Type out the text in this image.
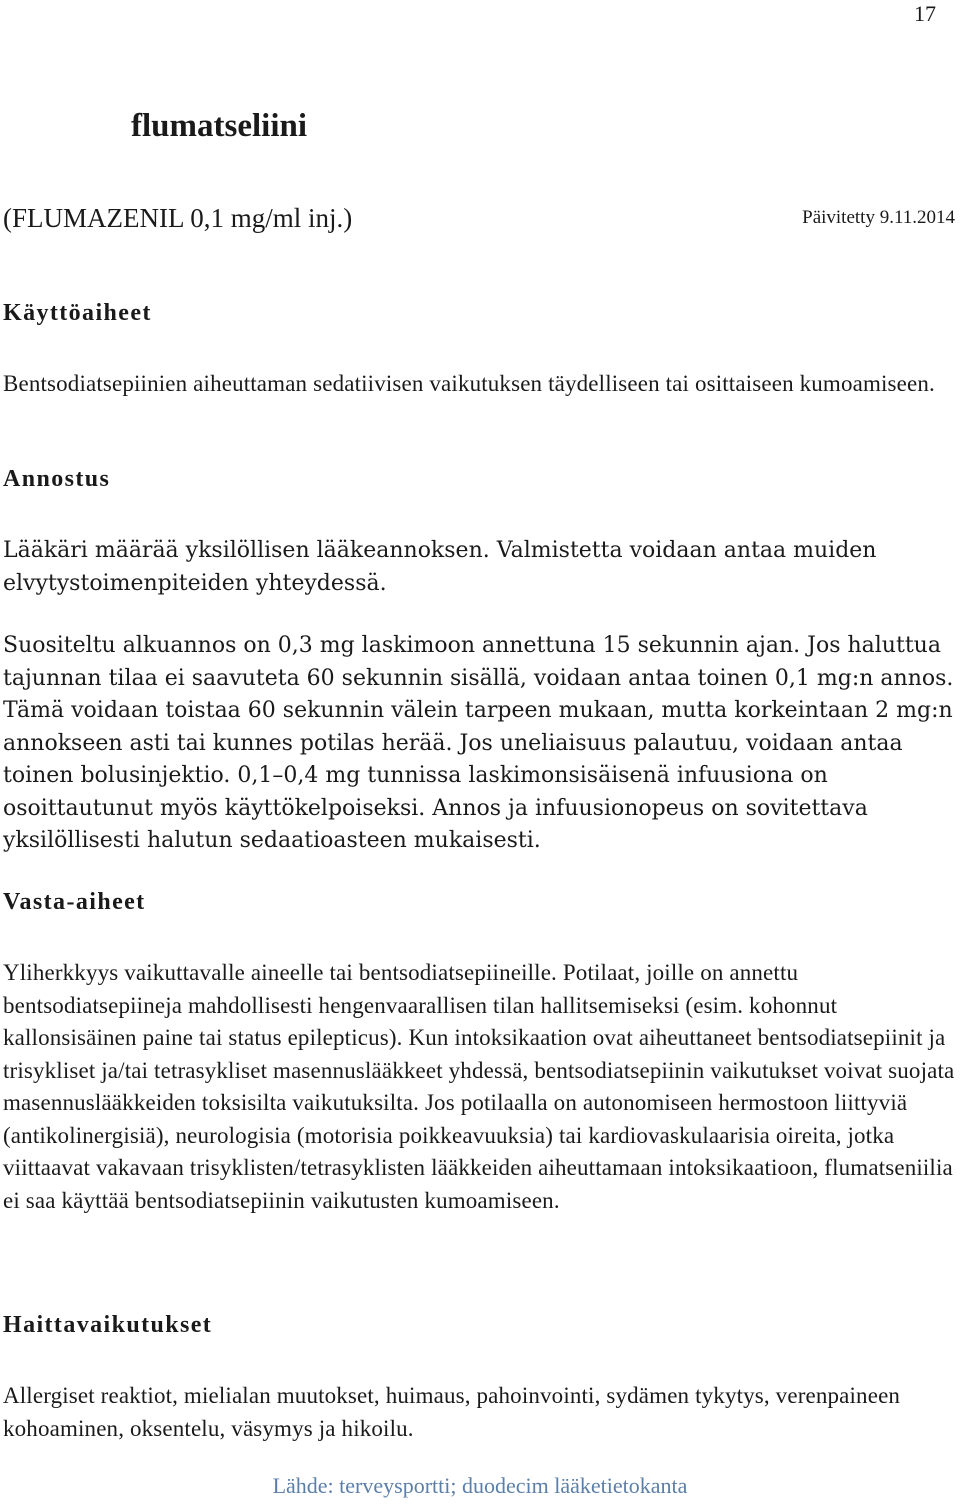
17
flumatseliini
(FLUMAZENIL 0,1 mg/ml inj.)	Päivitetty 9.11.2014
Käyttöaiheet

Bentsodiatsepiinien aiheuttaman sedatiivisen vaikutuksen täydelliseen tai osittaiseen kumoamiseen.

Annostus

Lääkäri määrää yksilöllisen lääkeannoksen. Valmistetta voidaan antaa muiden elvytystoimenpiteiden yhteydessä.

Suositeltu alkuannos on 0,3 mg laskimoon annettuna 15 sekunnin ajan. Jos haluttua tajunnan tilaa ei saavuteta 60 sekunnin sisällä, voidaan antaa toinen 0,1 mg:n annos. Tämä voidaan toistaa 60 sekunnin välein tarpeen mukaan, mutta korkeintaan 2 mg:n annokseen asti tai kunnes potilas herää. Jos uneliaisuus palautuu, voidaan antaa toinen bolusinjektio. 0,1–0,4 mg tunnissa laskimonsisäisenä infuusiona on osoittautunut myös käyttökelpoiseksi. Annos ja infuusionopeus on sovitettava yksilöllisesti halutun sedaatioasteen mukaisesti.

Vasta-aiheet

Yliherkkyys vaikuttavalle aineelle tai bentsodiatsepiineille. Potilaat, joille on annettu bentsodiatsepiineja mahdollisesti hengenvaarallisen tilan hallitsemiseksi (esim. kohonnut kallonsisäinen paine tai status epilepticus). Kun intoksikaation ovat aiheuttaneet bentsodiatsepiinit ja trisykliset ja/tai tetrasykliset masennuslääkkeet yhdessä, bentsodiatsepiinin vaikutukset voivat suojata masennuslääkkeiden toksisilta vaikutuksilta. Jos potilaalla on autonomiseen hermostoon liittyviä (antikolinergisiä), neurologisia (motorisia poikkeavuuksia) tai kardiovaskulaarisia oireita, jotka viittaavat vakavaan trisyklisten/tetrasyklisten lääkkeiden aiheuttamaan intoksikaatioon, flumatseniilia ei saa käyttää bentsodiatsepiinin vaikutusten kumoamiseen.

Haittavaikutukset

Allergiset reaktiot, mielialan muutokset, huimaus, pahoinvointi, sydämen tykytys, verenpaineen kohoaminen, oksentelu, väsymys ja hikoilu.

Lähde: terveysportti; duodecim lääketietokanta
